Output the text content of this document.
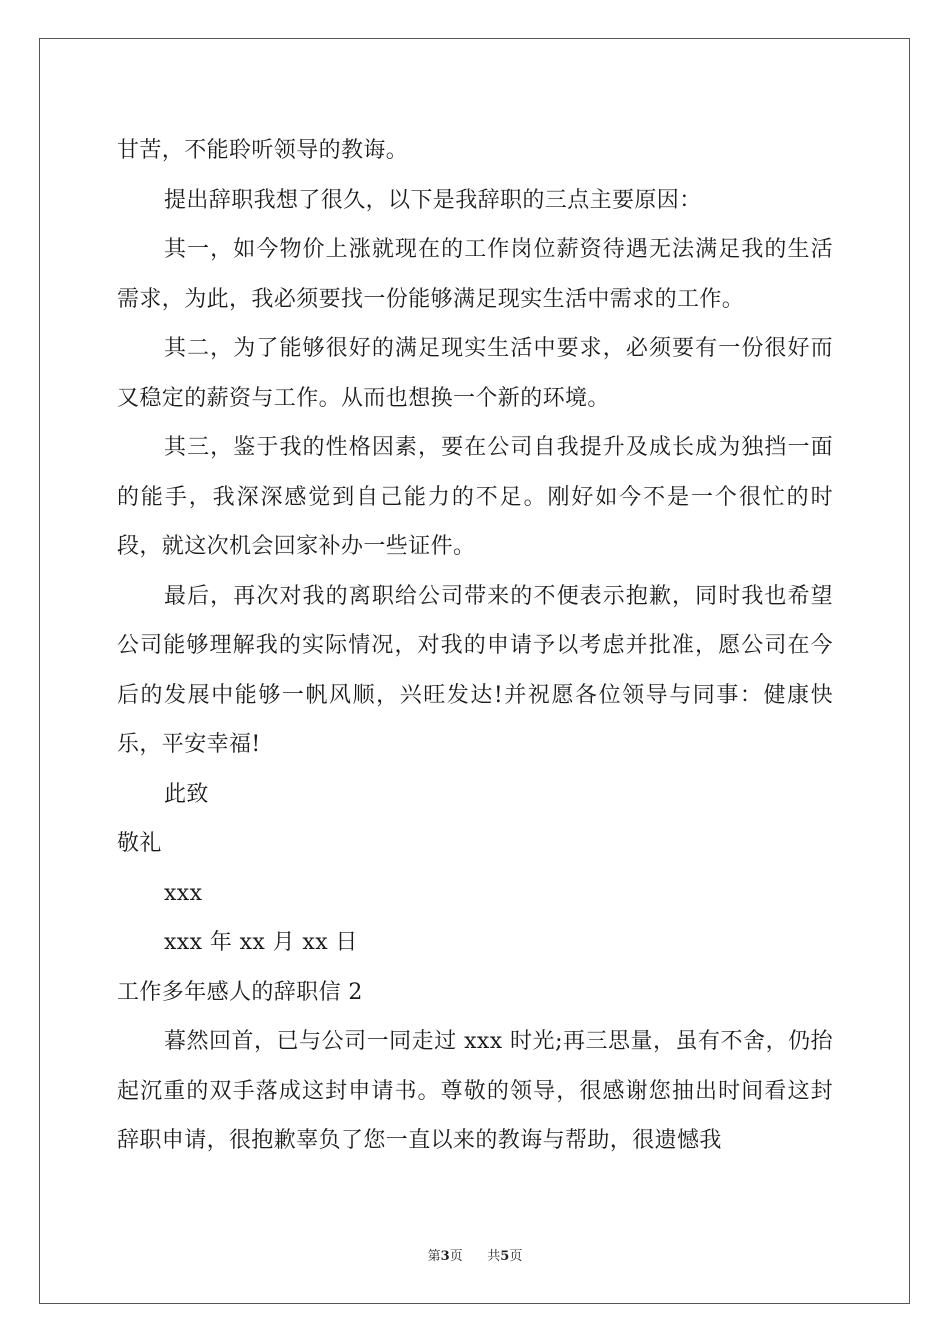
甘苦，不能聆听领导的教诲。

提出辞职我想了很久，以下是我辞职的三点主要原因：

其一，如今物价上涨就现在的工作岗位薪资待遇无法满足我的生活需求，为此，我必须要找一份能够满足现实生活中需求的工作。

其二，为了能够很好的满足现实生活中要求，必须要有一份很好而又稳定的薪资与工作。从而也想换一个新的环境。

其三，鉴于我的性格因素，要在公司自我提升及成长成为独挡一面的能手，我深深感觉到自己能力的不足。刚好如今不是一个很忙的时段，就这次机会回家补办一些证件。

最后，再次对我的离职给公司带来的不便表示抱歉，同时我也希望公司能够理解我的实际情况，对我的申请予以考虑并批准，愿公司在今后的发展中能够一帆风顺，兴旺发达!并祝愿各位领导与同事：健康快乐，平安幸福!

此致

敬礼

xxx

xxx 年 xx 月 xx 日

工作多年感人的辞职信 2

暮然回首，已与公司一同走过 xxx 时光;再三思量，虽有不舍，仍抬起沉重的双手落成这封申请书。尊敬的领导，很感谢您抽出时间看这封辞职申请，很抱歉辜负了您一直以来的教诲与帮助，很遗憾我

第3页 共5页
